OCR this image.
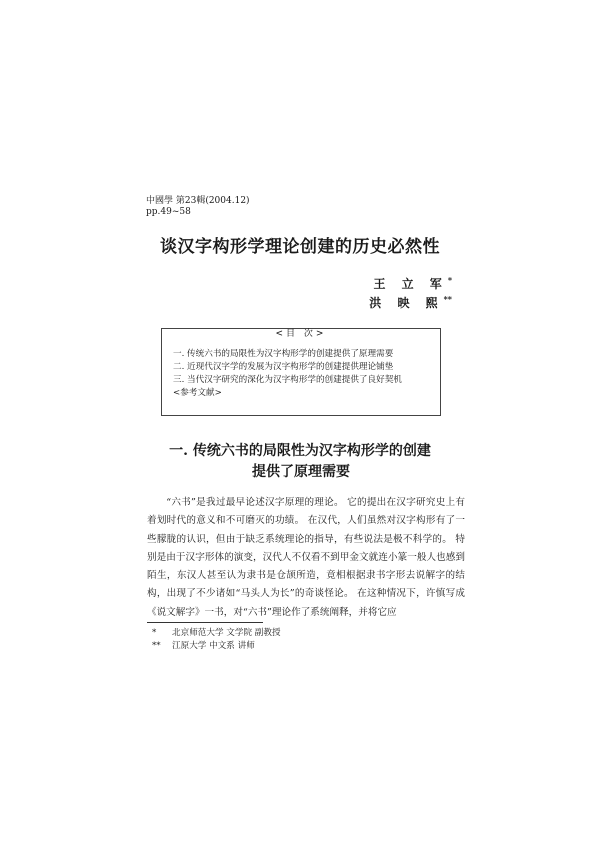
中國學 第23輯(2004.12)
pp.49~58
谈汉字构形学理论创建的历史必然性
王 立 军*
洪 映 熙**
<目 次>
一. 传统六书的局限性为汉字构形学的创建提供了原理需要
二. 近现代汉字学的发展为汉字构形学的创建提供理论铺垫
三. 当代汉字研究的深化为汉字构形学的创建提供了良好契机
<参考文献>
一. 传统六书的局限性为汉字构形学的创建
提供了原理需要

“六书”是我过最早论述汉字原理的理论。 它的提出在汉字研究史上有着划时代的意义和不可磨灭的功绩。 在汉代，人们虽然对汉字构形有了一些朦胧的认识，但由于缺乏系统理论的指导，有些说法是极不科学的。 特别是由于汉字形体的演变，汉代人不仅看不到甲金文就连小篆一般人也感到陌生，东汉人甚至认为隶书是仓颉所造，竟相根据隶书字形去说解字的结构，出现了不少诸如“马头人为长”的奇谈怪论。 在这种情况下，许慎写成《说文解字》一书，对“六书”理论作了系统阐释，并将它应

* 北京师范大学 文学院 副教授
** 江原大学 中文系 讲师
